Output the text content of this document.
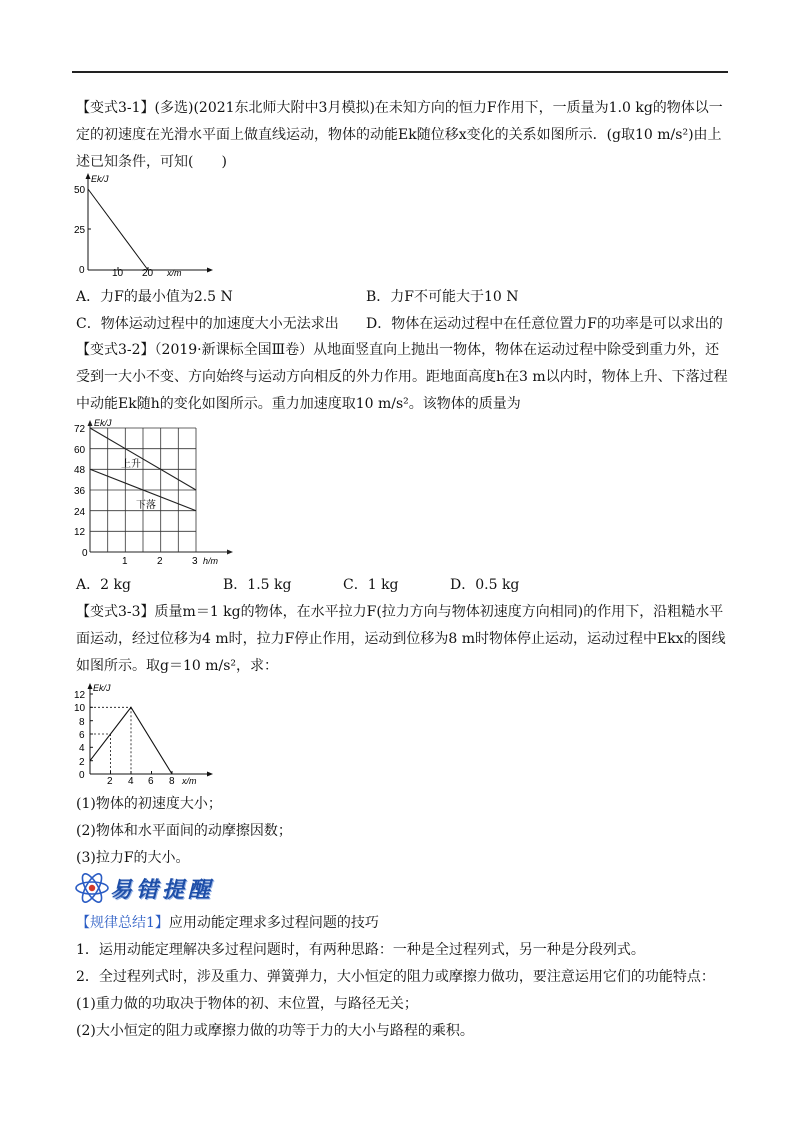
【变式3-1】(多选)(2021东北师大附中3月模拟)在未知方向的恒力F作用下，一质量为1.0 kg的物体以一定的初速度在光滑水平面上做直线运动，物体的动能Ek随位移x变化的关系如图所示．(g取10 m/s²)由上述已知条件，可知(　　)

Ek/J
50
25
0	10 20 x/m
A．力F的最小值为2.5 N	B．力F不可能大于10 N
C．物体运动过程中的加速度大小无法求出	D．物体在运动过程中在任意位置力F的功率是可以求出的

【变式3-2】（2019·新课标全国Ⅲ卷）从地面竖直向上抛出一物体，物体在运动过程中除受到重力外，还受到一大小不变、方向始终与运动方向相反的外力作用。距地面高度h在3 m以内时，物体上升、下落过程中动能Ek随h的变化如图所示。重力加速度取10 m/s²。该物体的质量为

Ek/J
72
60
48
36
24
12
0
1	2	3 h/m
上升
下落
A．2 kg	B．1.5 kg	C．1 kg	D．0.5 kg

【变式3-3】质量m＝1 kg的物体，在水平拉力F(拉力方向与物体初速度方向相同)的作用下，沿粗糙水平面运动，经过位移为4 m时，拉力F停止作用，运动到位移为8 m时物体停止运动，运动过程中Ekx的图线如图所示。取g＝10 m/s²，求：

Ek/J
12
10
8
6
4
2
0
2 4 6 8 x/m
(1)物体的初速度大小；
(2)物体和水平面间的动摩擦因数；
(3)拉力F的大小。
易错提醒
【规律总结1】应用动能定理求多过程问题的技巧
1．运用动能定理解决多过程问题时，有两种思路：一种是全过程列式，另一种是分段列式。
2．全过程列式时，涉及重力、弹簧弹力，大小恒定的阻力或摩擦力做功，要注意运用它们的功能特点：
(1)重力做的功取决于物体的初、末位置，与路径无关；
(2)大小恒定的阻力或摩擦力做的功等于力的大小与路程的乘积。
